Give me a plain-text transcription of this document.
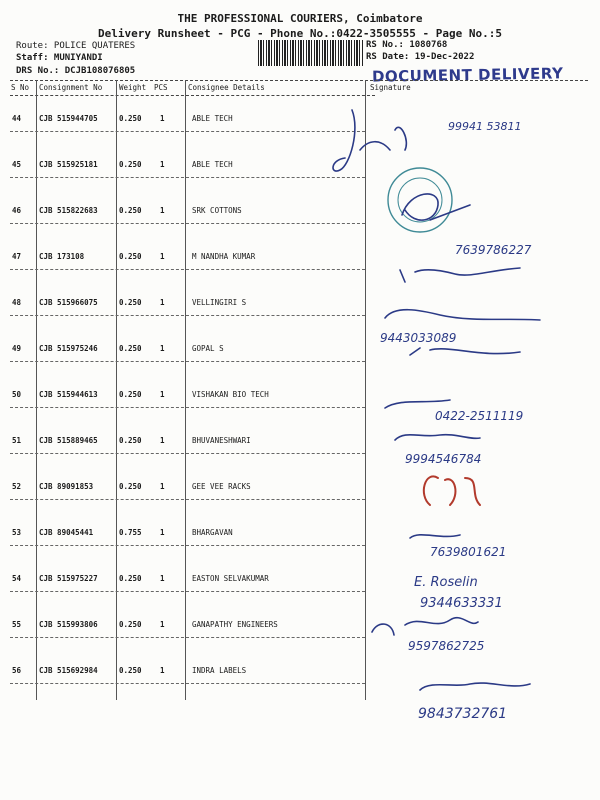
THE PROFESSIONAL COURIERS, Coimbatore
Delivery Runsheet - PCG - Phone No.:0422-3505555 - Page No.:5
Route: POLICE QUATERES
Staff: MUNIYANDI
DRS No.: DCJB108076805
RS No.: 1080768
RS Date: 19-Dec-2022
DOCUMENT DELIVERY
S No Consignment No Weight PCS	Consignee Details	Signature
44 CJB 515944705	0.250 1	ABLE TECH
45 CJB 515925181	0.250 1	ABLE TECH
46 CJB 515822683	0.250 1	SRK COTTONS
47 CJB 173108	0.250 1	M NANDHA KUMAR
48 CJB 515966075	0.250 1	VELLINGIRI S
49 CJB 515975246	0.250 1	GOPAL S
50 CJB 515944613	0.250 1	VISHAKAN BIO TECH
51 CJB 515889465	0.250 1	BHUVANESHWARI
52 CJB 89091853	0.250 1	GEE VEE RACKS
53 CJB 89045441	0.755 1	BHARGAVAN
54 CJB 515975227	0.250 1	EASTON SELVAKUMAR
55 CJB 515993806	0.250 1	GANAPATHY ENGINEERS
56 CJB 515692984	0.250 1	INDRA LABELS
99941 53811
7639786227
9443033089
0422-2511119
9994546784
7639801621
E. Roselin
9344633331
9597862725
9843732761
